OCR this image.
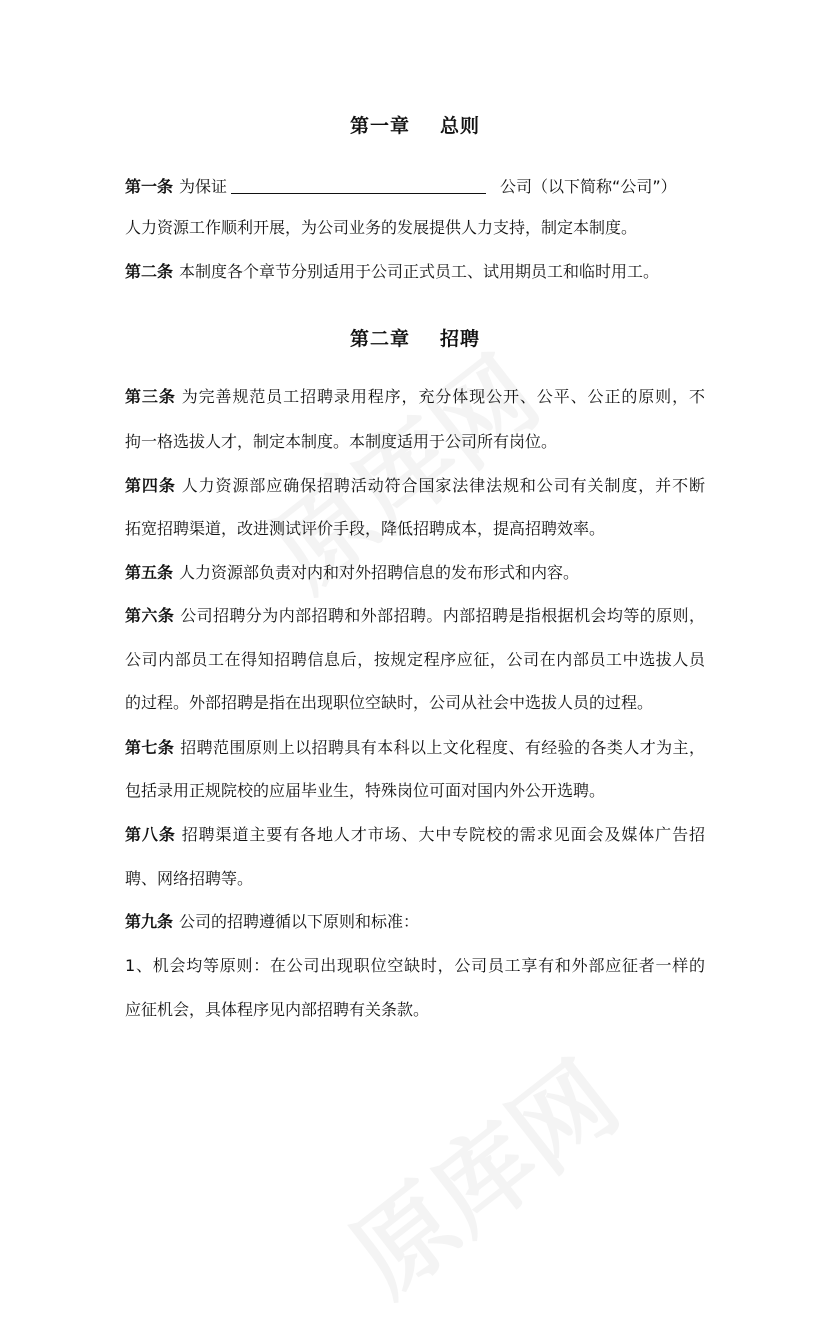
第一章 总则
第一条 为保证	公司（以下简称“公司”）
人力资源工作顺利开展，为公司业务的发展提供人力支持，制定本制度。
第二条 本制度各个章节分别适用于公司正式员工、试用期员工和临时用工。
第二章 招聘
第三条 为完善规范员工招聘录用程序，充分体现公开、公平、公正的原则，不
拘一格选拔人才，制定本制度。本制度适用于公司所有岗位。
第四条 人力资源部应确保招聘活动符合国家法律法规和公司有关制度，并不断
拓宽招聘渠道，改进测试评价手段，降低招聘成本，提高招聘效率。
第五条 人力资源部负责对内和对外招聘信息的发布形式和内容。
第六条 公司招聘分为内部招聘和外部招聘。内部招聘是指根据机会均等的原则，
公司内部员工在得知招聘信息后，按规定程序应征，公司在内部员工中选拔人员
的过程。外部招聘是指在出现职位空缺时，公司从社会中选拔人员的过程。
第七条 招聘范围原则上以招聘具有本科以上文化程度、有经验的各类人才为主，
包括录用正规院校的应届毕业生，特殊岗位可面对国内外公开选聘。
第八条 招聘渠道主要有各地人才市场、大中专院校的需求见面会及媒体广告招
聘、网络招聘等。
第九条 公司的招聘遵循以下原则和标准：
1、机会均等原则：在公司出现职位空缺时，公司员工享有和外部应征者一样的
应征机会，具体程序见内部招聘有关条款。
